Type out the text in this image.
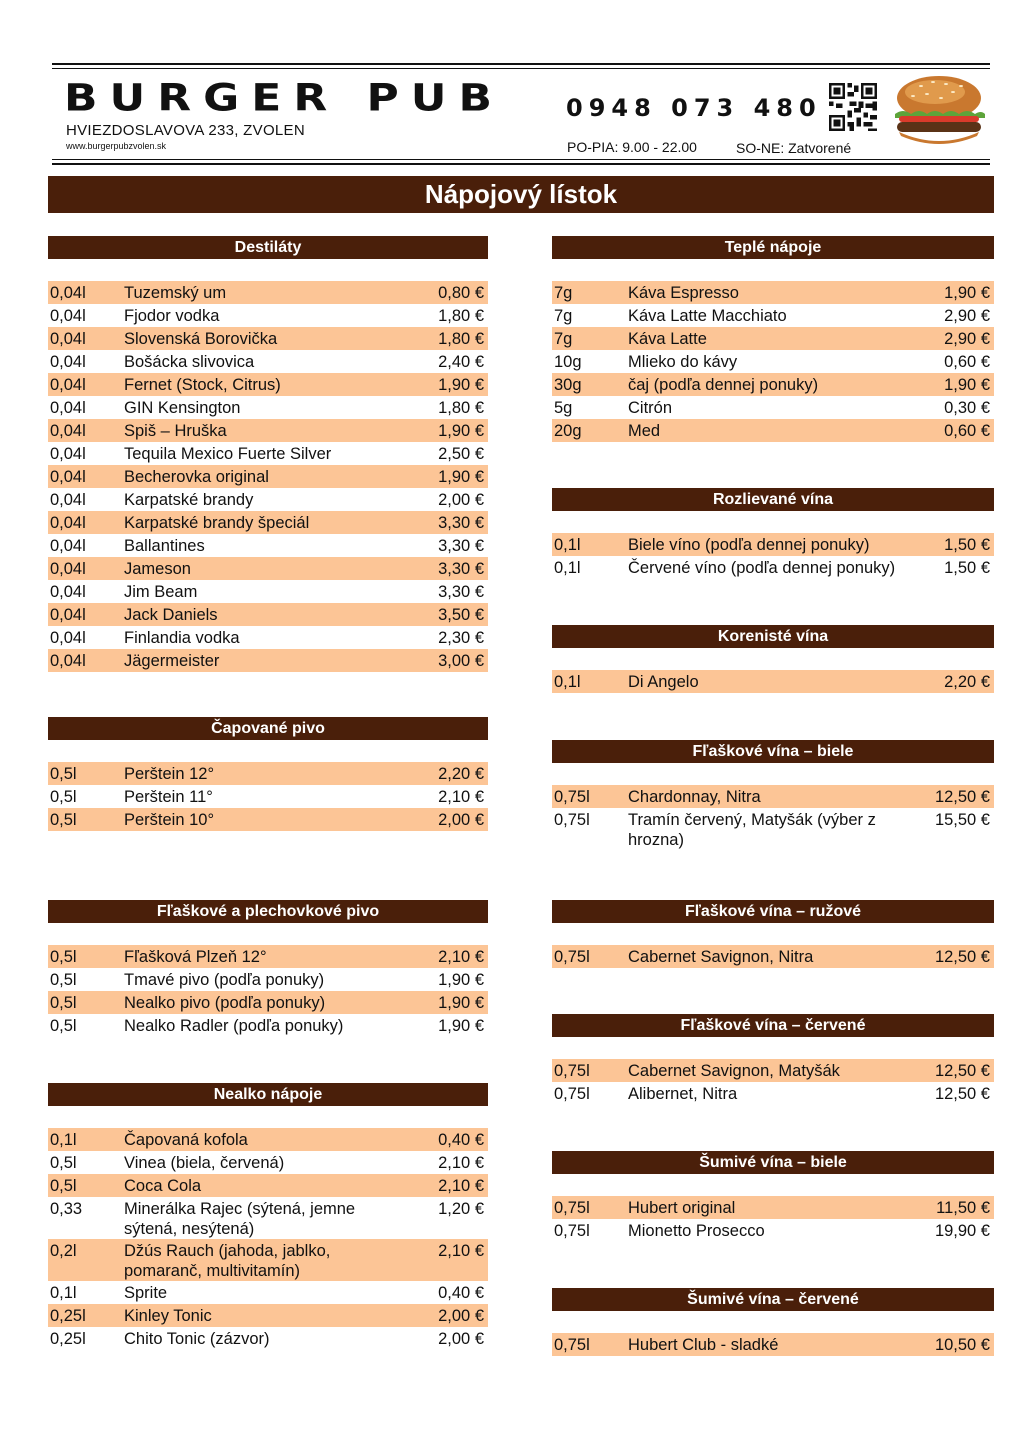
BURGER PUB
HVIEZDOSLAVOVA 233, ZVOLEN
www.burgerpubzvolen.sk
0948 073 480
PO-PIA: 9.00 - 22.00	SO-NE: Zatvorené
Nápojový lístok
Destiláty
0,04l Tuzemský um	0,80 €
0,04l Fjodor vodka	1,80 €
0,04l Slovenská Borovička	1,80 €
0,04l Bošácka slivovica	2,40 €
0,04l Fernet (Stock, Citrus)	1,90 €
0,04l GIN Kensington	1,80 €
0,04l Spiš – Hruška	1,90 €
0,04l Tequila Mexico Fuerte Silver	2,50 €
0,04l Becherovka original	1,90 €
0,04l Karpatské brandy	2,00 €
0,04l Karpatské brandy špeciál	3,30 €
0,04l Ballantines	3,30 €
0,04l Jameson	3,30 €
0,04l Jim Beam	3,30 €
0,04l Jack Daniels	3,50 €
0,04l Finlandia vodka	2,30 €
0,04l Jägermeister	3,00 €
Čapované pivo
0,5l	Perštein 12°	2,20 €
0,5l	Perštein 11°	2,10 €
0,5l	Perštein 10°	2,00 €
Fľaškové a plechovkové pivo
0,5l	Fľašková Plzeň 12°	2,10 €
0,5l	Tmavé pivo (podľa ponuky)	1,90 €
0,5l	Nealko pivo (podľa ponuky)	1,90 €
0,5l	Nealko Radler (podľa ponuky)	1,90 €
Nealko nápoje
0,1l	Čapovaná kofola	0,40 €
0,5l	Vinea (biela, červená)	2,10 €
0,5l	Coca Cola	2,10 €
0,33	Minerálka Rajec (sýtená, jemne sýtená, nesýtená)
1,20 €
0,2l	Džús Rauch (jahoda, jablko, pomaranč, multivitamín)
2,10 €
0,1l	Sprite	0,40 €
0,25l Kinley Tonic	2,00 €
0,25l Chito Tonic (zázvor)	2,00 €
Teplé nápoje
7g	Káva Espresso	1,90 €
7g	Káva Latte Macchiato	2,90 €
7g	Káva Latte	2,90 €
10g	Mlieko do kávy	0,60 €
30g	čaj (podľa dennej ponuky)	1,90 €
5g	Citrón	0,30 €
20g	Med	0,60 €
Rozlievané vína
0,1l	Biele víno (podľa dennej ponuky)	1,50 €
0,1l	Červené víno (podľa dennej ponuky)	1,50 €
Korenisté vína
0,1l	Di Angelo	2,20 €
Fľaškové vína – biele
0,75l Chardonnay, Nitra	12,50 €
0,75l Tramín červený, Matyšák (výber z hrozna)
15,50 €
Fľaškové vína – ružové
0,75l Cabernet Savignon, Nitra	12,50 €
Fľaškové vína – červené
0,75l Cabernet Savignon, Matyšák	12,50 €
0,75l Alibernet, Nitra	12,50 €
Šumivé vína – biele
0,75l Hubert original	11,50 €
0,75l Mionetto Prosecco	19,90 €
Šumivé vína – červené
0,75l Hubert Club - sladké	10,50 €
